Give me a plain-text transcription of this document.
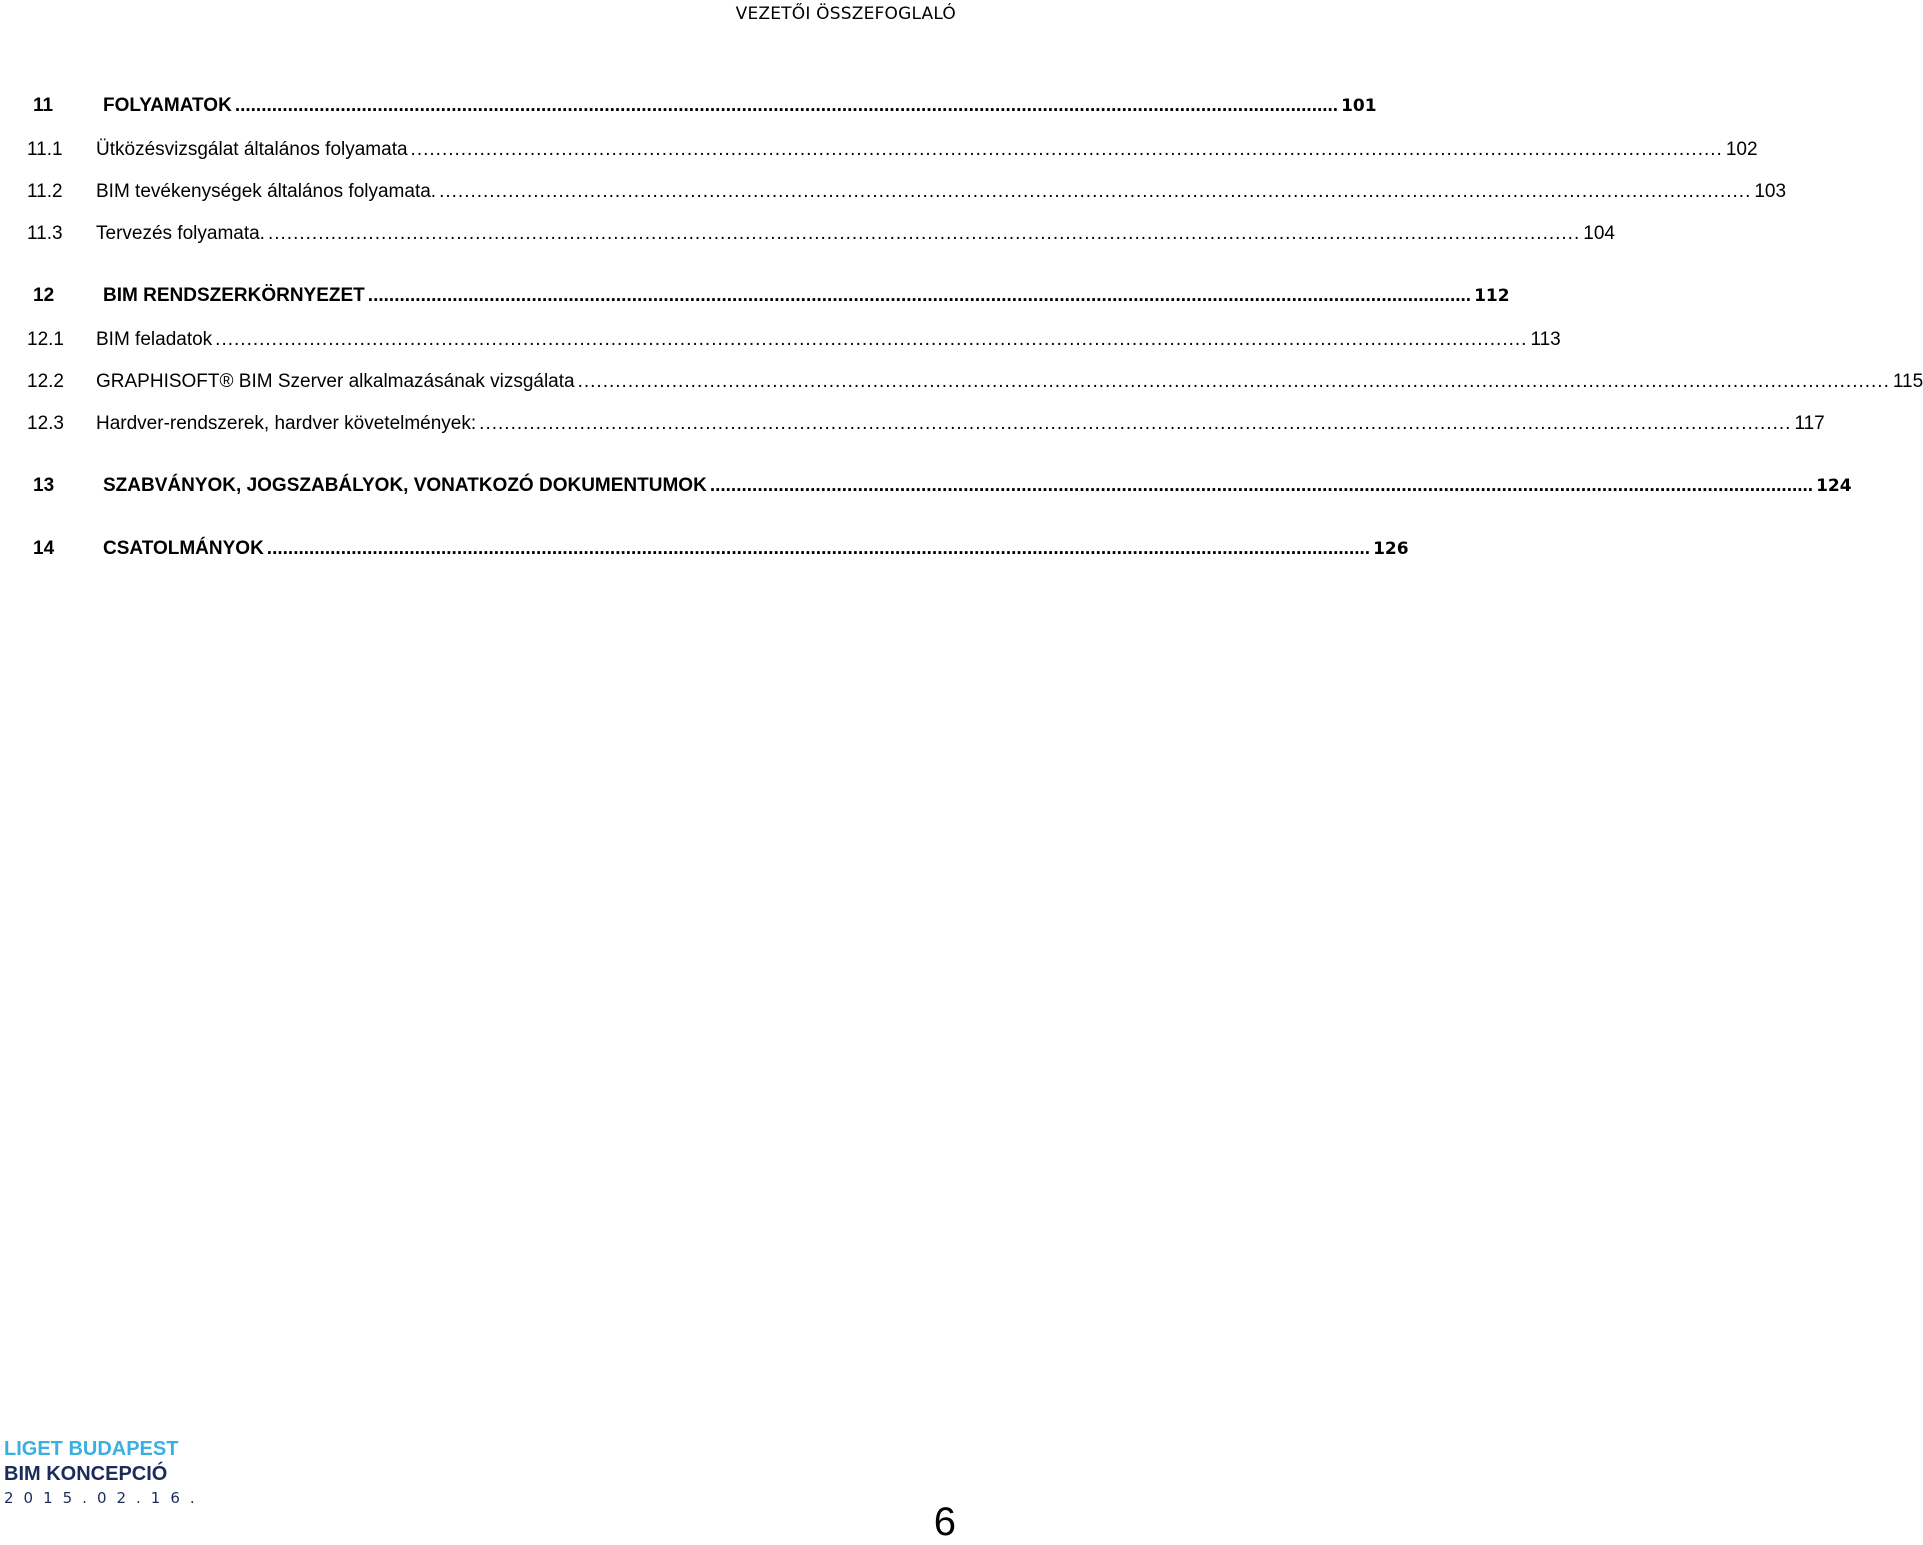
VEZETŐI ÖSSZEFOGLALÓ
11	FOLYAMATOK ................................................................................................................................................................................................................. 101
11.1	Ütközésvizsgálat általános folyamata ................................................................................................................................................................................................................. 102
11.2	BIM tevékenységek általános folyamata. ................................................................................................................................................................................................................. 103
11.3	Tervezés folyamata. ................................................................................................................................................................................................................. 104
12	BIM RENDSZERKÖRNYEZET ................................................................................................................................................................................................................. 112
12.1	BIM feladatok ................................................................................................................................................................................................................. 113
12.2	GRAPHISOFT® BIM Szerver alkalmazásának vizsgálata ................................................................................................................................................................................................................. 115
12.3	Hardver-rendszerek, hardver követelmények: ................................................................................................................................................................................................................. 117
13	SZABVÁNYOK, JOGSZABÁLYOK, VONATKOZÓ DOKUMENTUMOK ................................................................................................................................................................................................................. 124
14	CSATOLMÁNYOK ................................................................................................................................................................................................................. 126
LIGET BUDAPEST
BIM KONCEPCIÓ
2015.02.16.
6
